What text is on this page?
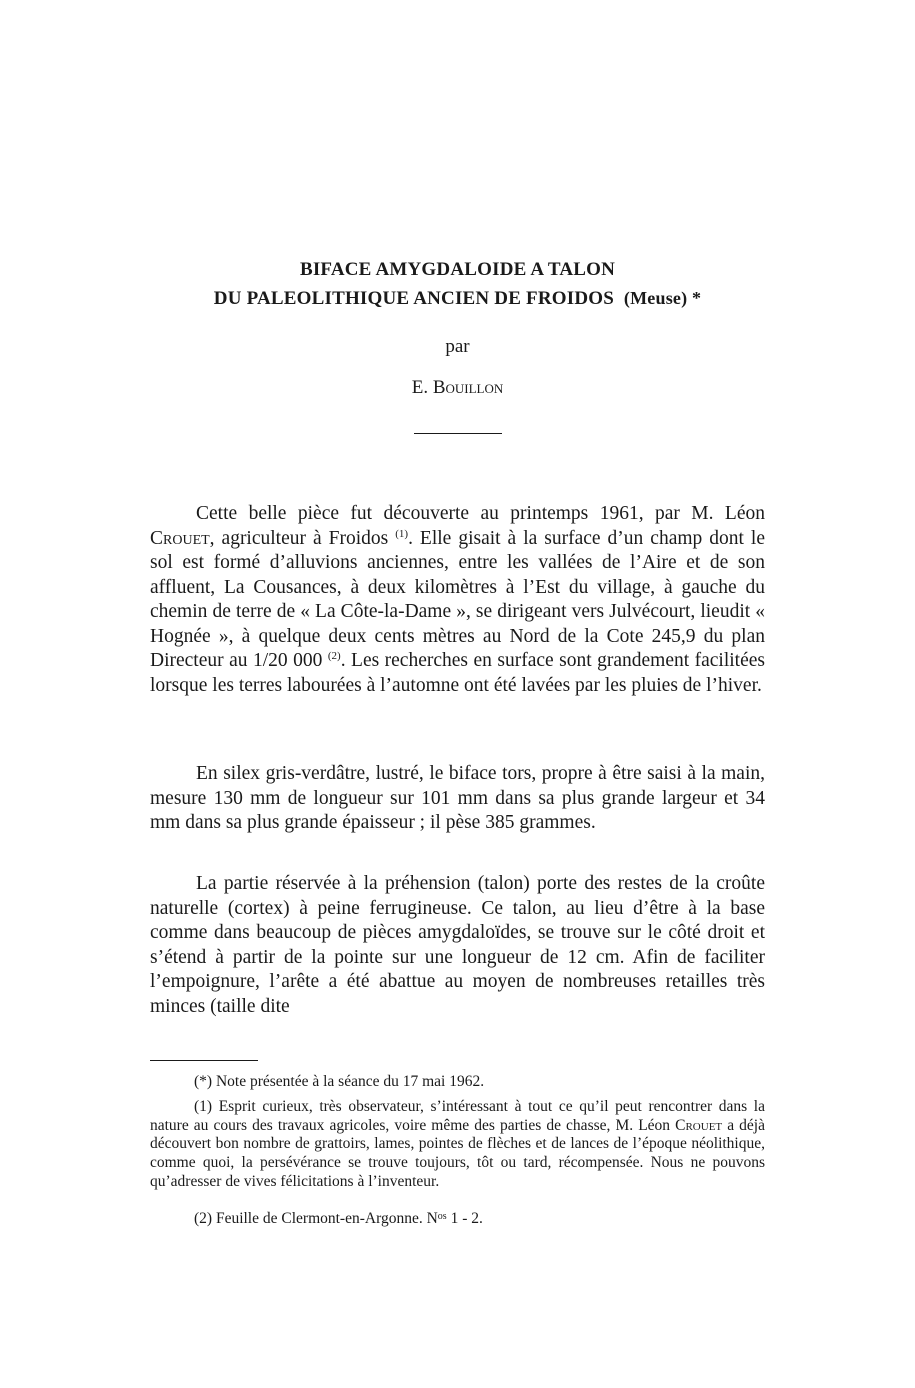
BIFACE AMYGDALOIDE A TALON
DU PALEOLITHIQUE ANCIEN DE FROIDOS (Meuse) *
par
E. Bouillon

Cette belle pièce fut découverte au printemps 1961, par M. Léon Crouet, agriculteur à Froidos $^{(1)}$. Elle gisait à la surface d’un champ dont le sol est formé d’alluvions anciennes, entre les vallées de l’Aire et de son affluent, La Cousances, à deux kilomètres à l’Est du village, à gauche du chemin de terre de « La Côte-la-Dame », se dirigeant vers Julvécourt, lieudit « Hognée », à quelque deux cents mètres au Nord de la Cote 245,9 du plan Directeur au 1/20 000 $^{(2)}$. Les recherches en surface sont grandement facilitées lorsque les terres labourées à l’automne ont été lavées par les pluies de l’hiver.

En silex gris-verdâtre, lustré, le biface tors, propre à être saisi à la main, mesure 130 mm de longueur sur 101 mm dans sa plus grande largeur et 34 mm dans sa plus grande épaisseur ; il pèse 385 grammes.

La partie réservée à la préhension (talon) porte des restes de la croûte naturelle (cortex) à peine ferrugineuse. Ce talon, au lieu d’être à la base comme dans beaucoup de pièces amygdaloïdes, se trouve sur le côté droit et s’étend à partir de la pointe sur une longueur de 12 cm. Afin de faciliter l’empoignure, l’arête a été abattue au moyen de nombreuses retailles très minces (taille dite

(*) Note présentée à la séance du 17 mai 1962.

(1) Esprit curieux, très observateur, s’intéressant à tout ce qu’il peut rencontrer dans la nature au cours des travaux agricoles, voire même des parties de chasse, M. Léon Crouet a déjà découvert bon nombre de grattoirs, lames, pointes de flèches et de lances de l’époque néolithique, comme quoi, la persévérance se trouve toujours, tôt ou tard, récompensée. Nous ne pouvons qu’adresser de vives félicitations à l’inventeur.

(2) Feuille de Clermont-en-Argonne. $N^{os}$ 1 - 2.
